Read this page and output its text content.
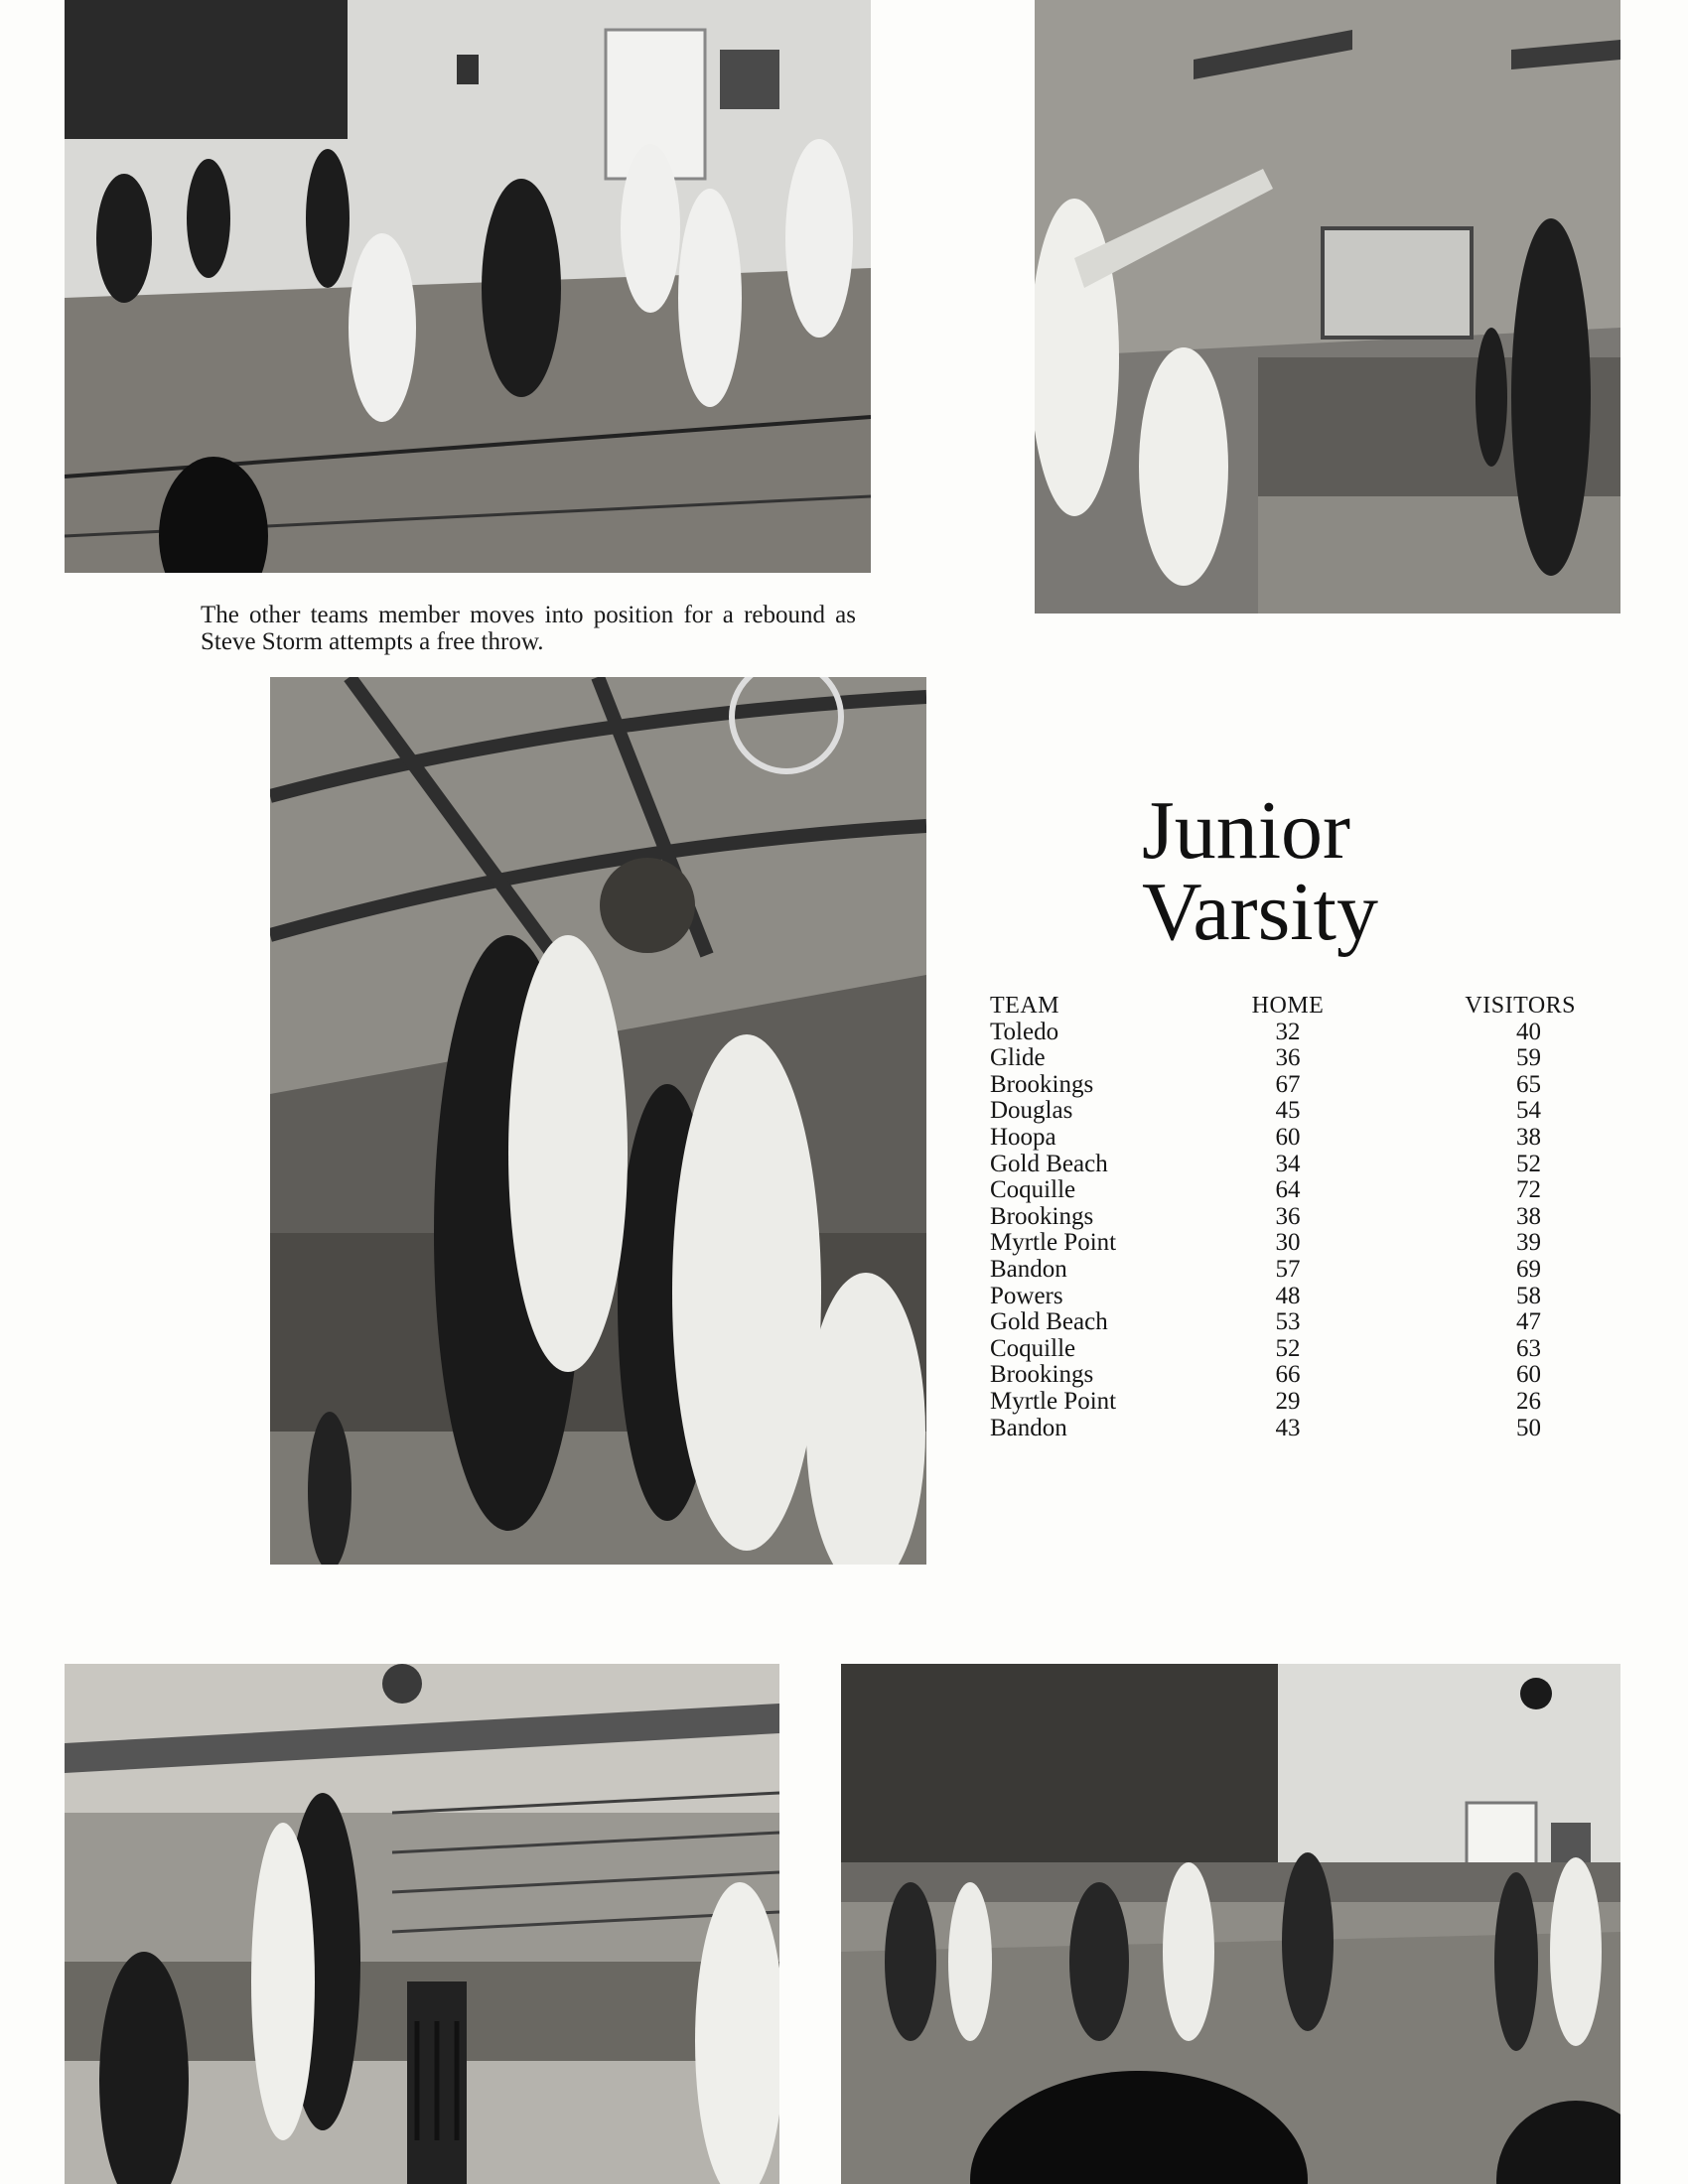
The other teams member moves into position for a rebound as Steve Storm attempts a free throw.
Junior
Varsity
TEAM	HOME	VISITORS
Toledo	32	40
Glide	36	59
Brookings	67	65
Douglas	45	54
Hoopa	60	38
Gold Beach	34	52
Coquille	64	72
Brookings	36	38
Myrtle Point	30	39
Bandon	57	69
Powers	48	58
Gold Beach	53	47
Coquille	52	63
Brookings	66	60
Myrtle Point	29	26
Bandon	43	50
